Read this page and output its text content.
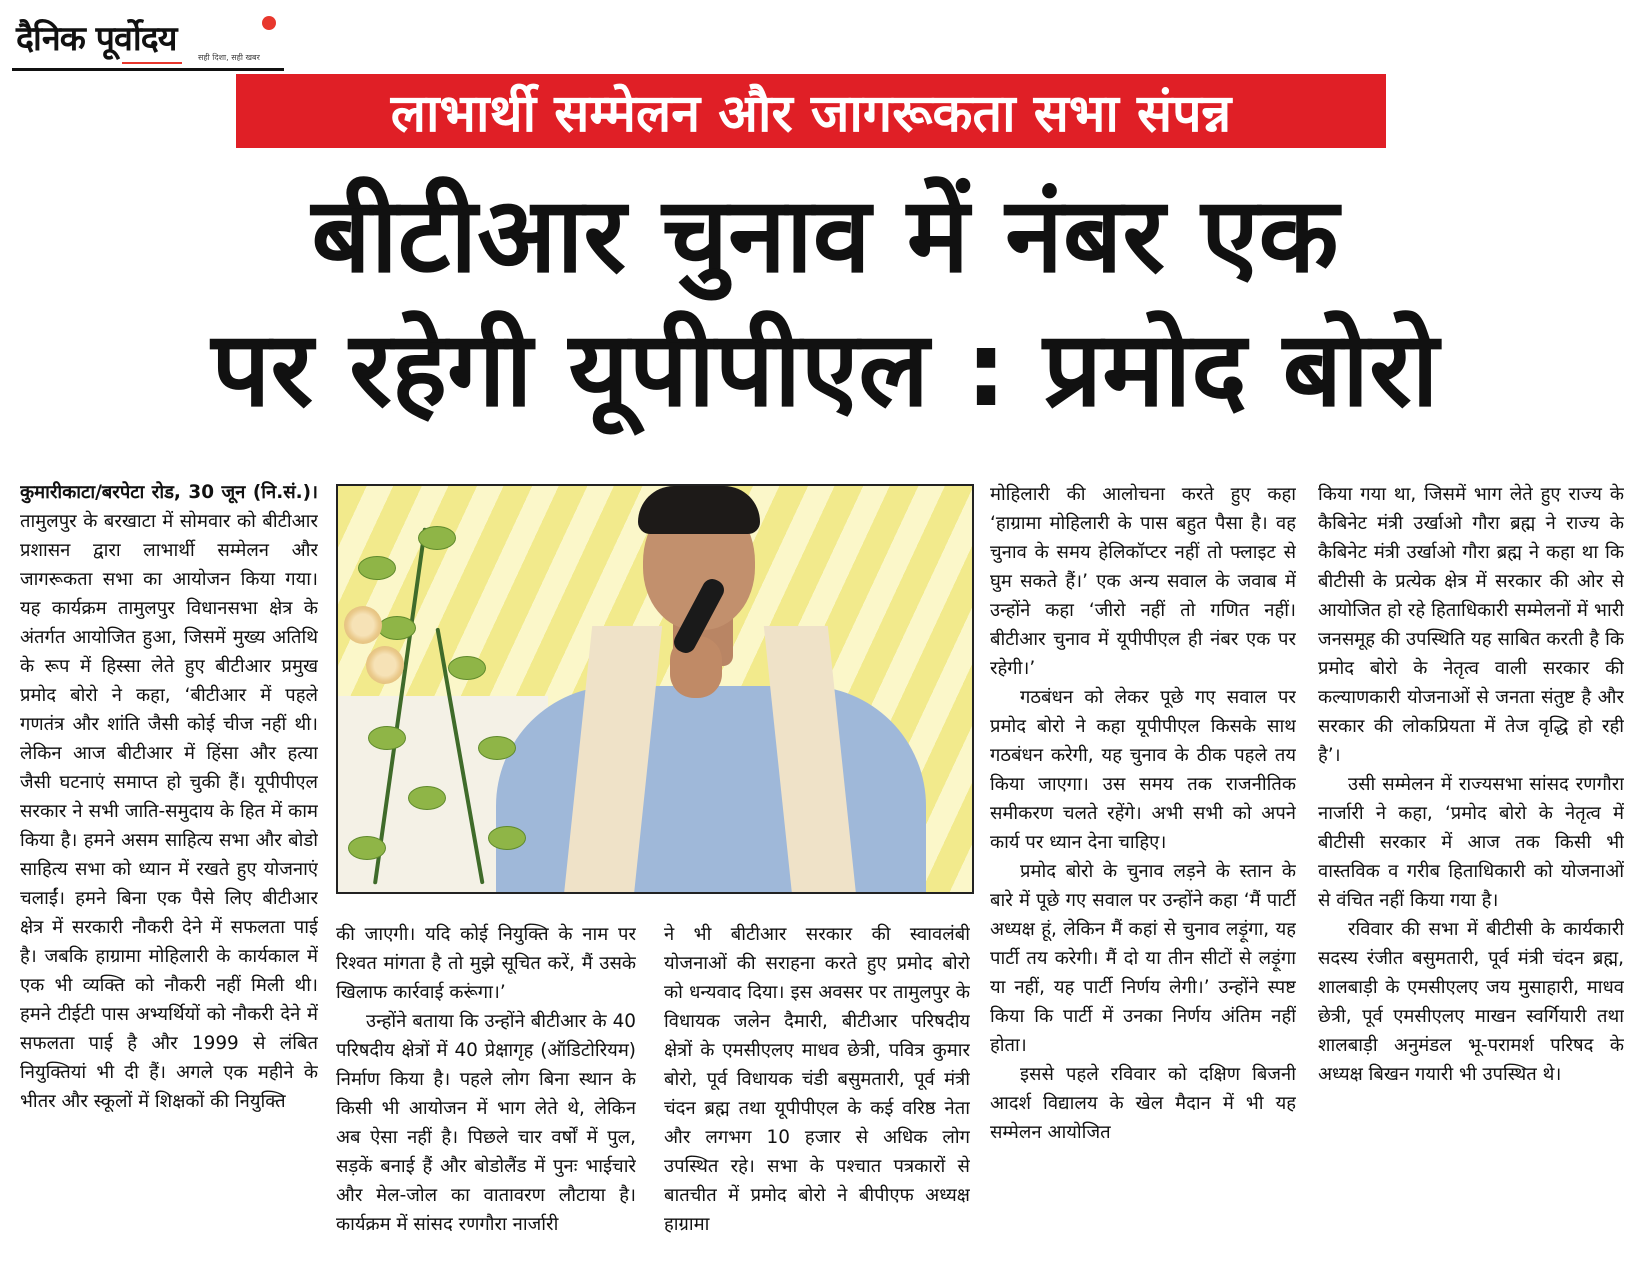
दैनिक पूर्वोदय	सही दिशा, सही खबर
लाभार्थी सम्मेलन और जागरूकता सभा संपन्न
बीटीआर चुनाव में नंबर एक
पर रहेगी यूपीपीएल : प्रमोद बोरो

कुमारीकाटा/बरपेटा रोड, 30 जून (नि.सं.)। तामुलपुर के बरखाटा में सोमवार को बीटीआर प्रशासन द्वारा लाभार्थी सम्मेलन और जागरूकता सभा का आयोजन किया गया। यह कार्यक्रम तामुलपुर विधानसभा क्षेत्र के अंतर्गत आयोजित हुआ, जिसमें मुख्य अतिथि के रूप में हिस्सा लेते हुए बीटीआर प्रमुख प्रमोद बोरो ने कहा, ‘बीटीआर में पहले गणतंत्र और शांति जैसी कोई चीज नहीं थी। लेकिन आज बीटीआर में हिंसा और हत्या जैसी घटनाएं समाप्त हो चुकी हैं। यूपीपीएल सरकार ने सभी जाति-समुदाय के हित में काम किया है। हमने असम साहित्य सभा और बोडो साहित्य सभा को ध्यान में रखते हुए योजनाएं चलाईं। हमने बिना एक पैसे लिए बीटीआर क्षेत्र में सरकारी नौकरी देने में सफलता पाई है। जबकि हाग्रामा मोहिलारी के कार्यकाल में एक भी व्यक्ति को नौकरी नहीं मिली थी। हमने टीईटी पास अभ्यर्थियों को नौकरी देने में सफलता पाई है और 1999 से लंबित नियुक्तियां भी दी हैं। अगले एक महीने के भीतर और स्कूलों में शिक्षकों की नियुक्ति

की जाएगी। यदि कोई नियुक्ति के नाम पर रिश्वत मांगता है तो मुझे सूचित करें, मैं उसके खिलाफ कार्रवाई करूंगा।’

उन्होंने बताया कि उन्होंने बीटीआर के 40 परिषदीय क्षेत्रों में 40 प्रेक्षागृह (ऑडिटोरियम) निर्माण किया है। पहले लोग बिना स्थान के किसी भी आयोजन में भाग लेते थे, लेकिन अब ऐसा नहीं है। पिछले चार वर्षों में पुल, सड़कें बनाई हैं और बोडोलैंड में पुनः भाईचारे और मेल-जोल का वातावरण लौटाया है। कार्यक्रम में सांसद रणगौरा नार्जारी

ने भी बीटीआर सरकार की स्वावलंबी योजनाओं की सराहना करते हुए प्रमोद बोरो को धन्यवाद दिया। इस अवसर पर तामुलपुर के विधायक जलेन दैमारी, बीटीआर परिषदीय क्षेत्रों के एमसीएलए माधव छेत्री, पवित्र कुमार बोरो, पूर्व विधायक चंडी बसुमतारी, पूर्व मंत्री चंदन ब्रह्म तथा यूपीपीएल के कई वरिष्ठ नेता और लगभग 10 हजार से अधिक लोग उपस्थित रहे। सभा के पश्चात पत्रकारों से बातचीत में प्रमोद बोरो ने बीपीएफ अध्यक्ष हाग्रामा

मोहिलारी की आलोचना करते हुए कहा ‘हाग्रामा मोहिलारी के पास बहुत पैसा है। वह चुनाव के समय हेलिकॉप्टर नहीं तो फ्लाइट से घुम सकते हैं।’ एक अन्य सवाल के जवाब में उन्होंने कहा ‘जीरो नहीं तो गणित नहीं। बीटीआर चुनाव में यूपीपीएल ही नंबर एक पर रहेगी।’

गठबंधन को लेकर पूछे गए सवाल पर प्रमोद बोरो ने कहा यूपीपीएल किसके साथ गठबंधन करेगी, यह चुनाव के ठीक पहले तय किया जाएगा। उस समय तक राजनीतिक समीकरण चलते रहेंगे। अभी सभी को अपने कार्य पर ध्यान देना चाहिए।

प्रमोद बोरो के चुनाव लड़ने के स्तान के बारे में पूछे गए सवाल पर उन्होंने कहा ‘मैं पार्टी अध्यक्ष हूं, लेकिन मैं कहां से चुनाव लड़ूंगा, यह पार्टी तय करेगी। मैं दो या तीन सीटों से लड़ूंगा या नहीं, यह पार्टी निर्णय लेगी।’ उन्होंने स्पष्ट किया कि पार्टी में उनका निर्णय अंतिम नहीं होता।

इससे पहले रविवार को दक्षिण बिजनी आदर्श विद्यालय के खेल मैदान में भी यह सम्मेलन आयोजित

किया गया था, जिसमें भाग लेते हुए राज्य के कैबिनेट मंत्री उर्खाओ गौरा ब्रह्म ने राज्य के कैबिनेट मंत्री उर्खाओ गौरा ब्रह्म ने कहा था कि बीटीसी के प्रत्येक क्षेत्र में सरकार की ओर से आयोजित हो रहे हिताधिकारी सम्मेलनों में भारी जनसमूह की उपस्थिति यह साबित करती है कि प्रमोद बोरो के नेतृत्व वाली सरकार की कल्याणकारी योजनाओं से जनता संतुष्ट है और सरकार की लोकप्रियता में तेज वृद्धि हो रही है’।

उसी सम्मेलन में राज्यसभा सांसद रणगौरा नार्जारी ने कहा, ‘प्रमोद बोरो के नेतृत्व में बीटीसी सरकार में आज तक किसी भी वास्तविक व गरीब हिताधिकारी को योजनाओं से वंचित नहीं किया गया है।

रविवार की सभा में बीटीसी के कार्यकारी सदस्य रंजीत बसुमतारी, पूर्व मंत्री चंदन ब्रह्म, शालबाड़ी के एमसीएलए जय मुसाहारी, माधव छेत्री, पूर्व एमसीएलए माखन स्वर्गियारी तथा शालबाड़ी अनुमंडल भू-परामर्श परिषद के अध्यक्ष बिखन गयारी भी उपस्थित थे।
